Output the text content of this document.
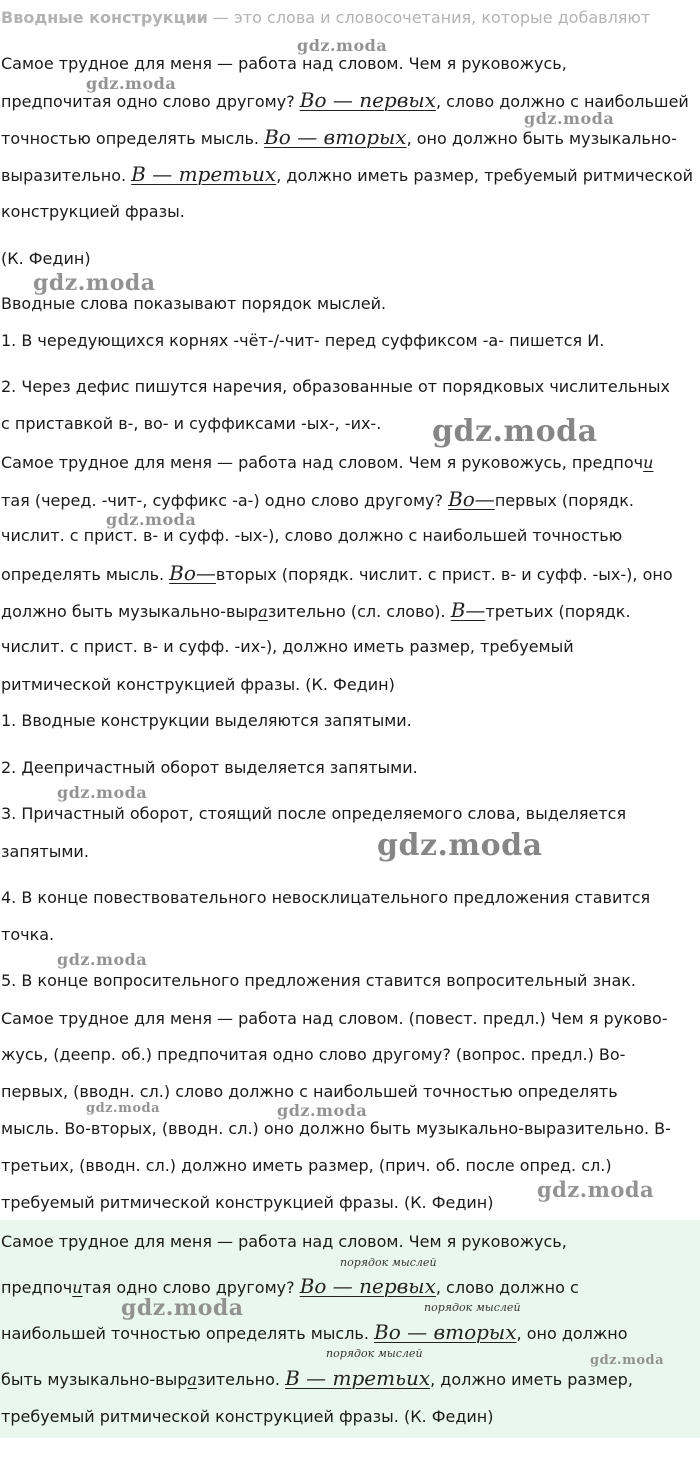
Вводные конструкции — это слова и словосочетания, которые добавляют
Самое трудное для меня — работа над словом. Чем я руковожусь,
предпочитая одно слово другому? Во — первых, слово должно с наибольшей
точностью определять мысль. Во — вторых, оно должно быть музыкально-
выразительно. В — третьих, должно иметь размер, требуемый ритмической
конструкцией фразы.
(К. Федин)
Вводные слова показывают порядок мыслей.
1. В чередующихся корнях -чёт-/-чит- перед суффиксом -а- пишется И.
2. Через дефис пишутся наречия, образованные от порядковых числительных
с приставкой в-, во- и суффиксами -ых-, -их-.
Самое трудное для меня — работа над словом. Чем я руковожусь, предпочи
тая (черед. -чит-, суффикс -а-) одно слово другому? Во—первых (порядк.
числит. с прист. в- и суфф. -ых-), слово должно с наибольшей точностью
определять мысль. Во—вторых (порядк. числит. с прист. в- и суфф. -ых-), оно
должно быть музыкально-выразительно (сл. слово). В—третьих (порядк.
числит. с прист. в- и суфф. -их-), должно иметь размер, требуемый
ритмической конструкцией фразы. (К. Федин)
1. Вводные конструкции выделяются запятыми.
2. Деепричастный оборот выделяется запятыми.
3. Причастный оборот, стоящий после определяемого слова, выделяется
запятыми.
4. В конце повествовательного невосклицательного предложения ставится
точка.
5. В конце вопросительного предложения ставится вопросительный знак.
Самое трудное для меня — работа над словом. (повест. предл.) Чем я руково-
жусь, (деепр. об.) предпочитая одно слово другому? (вопрос. предл.) Во-
первых, (вводн. сл.) слово должно с наибольшей точностью определять
мысль. Во-вторых, (вводн. сл.) оно должно быть музыкально-выразительно. В-
третьих, (вводн. сл.) должно иметь размер, (прич. об. после опред. сл.)
требуемый ритмической конструкцией фразы. (К. Федин)
Самое трудное для меня — работа над словом. Чем я руковожусь,
порядок мыслей
предпочитая одно слово другому? Во — первых, слово должно с
порядок мыслей
наибольшей точностью определять мысль. Во — вторых, оно должно
порядок мыслей
быть музыкально-выразительно. В — третьих, должно иметь размер,
требуемый ритмической конструкцией фразы. (К. Федин)
gdz.moda
gdz.moda
gdz.moda
gdz.moda
gdz.moda
gdz.moda
gdz.moda
gdz.moda
gdz.moda
gdz.moda	gdz.moda
gdz.moda
gdz.moda
gdz.moda
